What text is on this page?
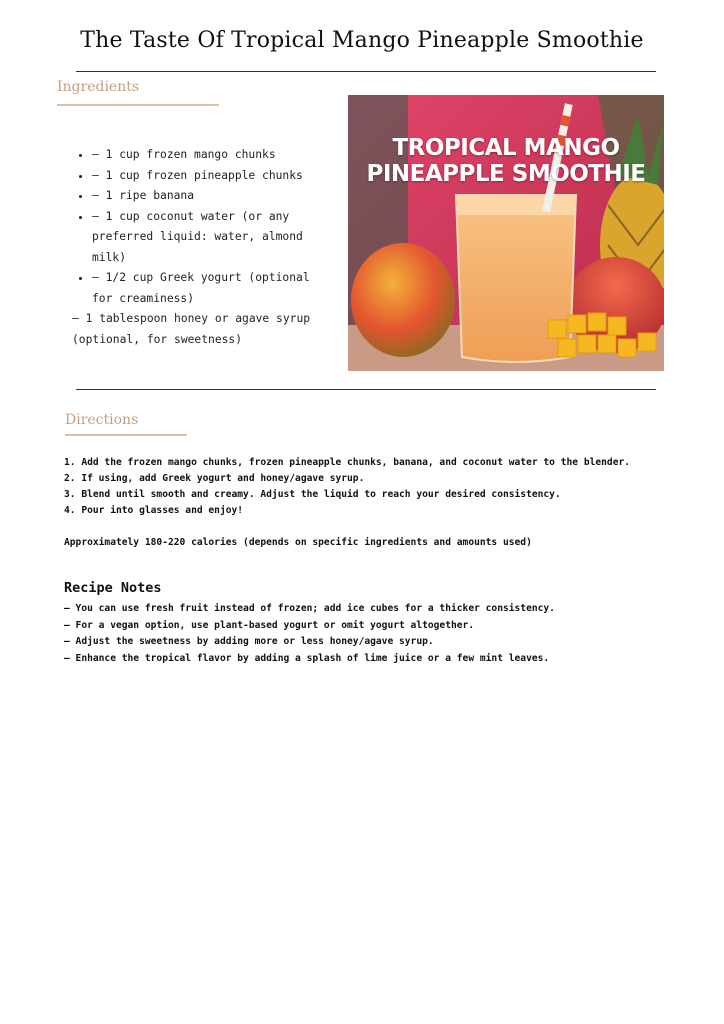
The Taste Of Tropical Mango Pineapple Smoothie
Ingredients
• – 1 cup frozen mango chunks
• – 1 cup frozen pineapple chunks
• – 1 ripe banana
• – 1 cup coconut water (or any preferred liquid: water, almond milk)
• – 1/2 cup Greek yogurt (optional for creaminess)

– 1 tablespoon honey or agave syrup (optional, for sweetness)

TROPICAL MANGO
PINEAPPLE SMOOTHIE
Directions
1. Add the frozen mango chunks, frozen pineapple chunks, banana, and coconut water to the blender.
2. If using, add Greek yogurt and honey/agave syrup.
3. Blend until smooth and creamy. Adjust the liquid to reach your desired consistency.
4. Pour into glasses and enjoy!
Approximately 180-220 calories (depends on specific ingredients and amounts used)
Recipe Notes
– You can use fresh fruit instead of frozen; add ice cubes for a thicker consistency.
– For a vegan option, use plant-based yogurt or omit yogurt altogether.
– Adjust the sweetness by adding more or less honey/agave syrup.
– Enhance the tropical flavor by adding a splash of lime juice or a few mint leaves.
